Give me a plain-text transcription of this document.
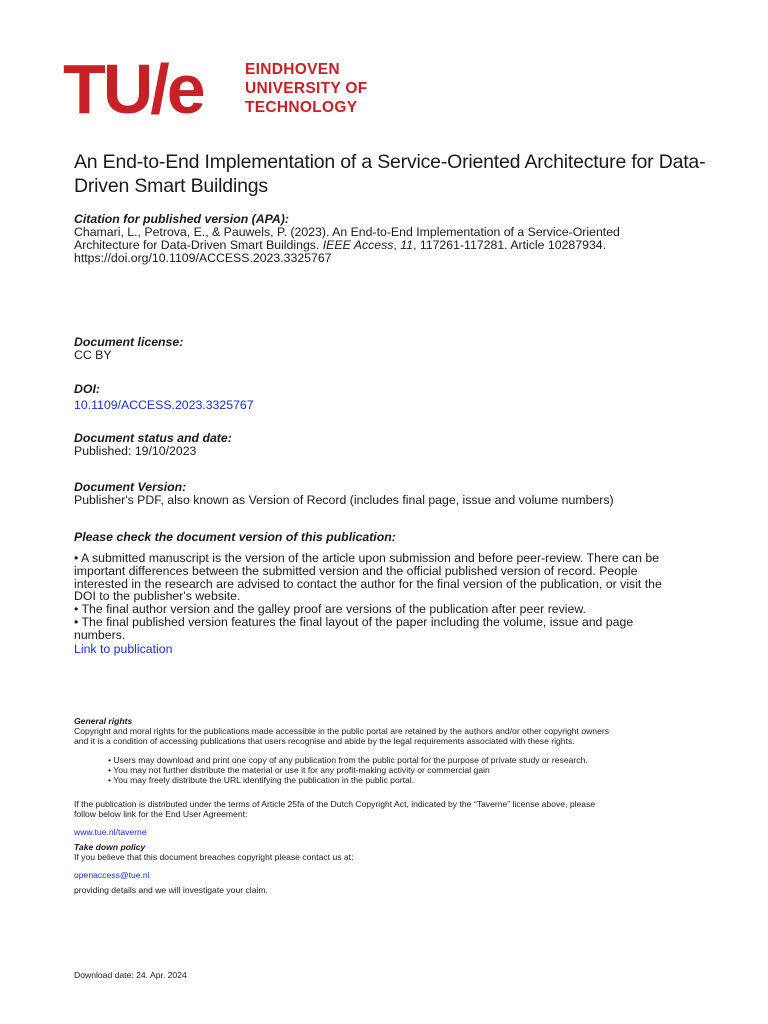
TU/e	EINDHOVEN
UNIVERSITY OF
TECHNOLOGY
An End-to-End Implementation of a Service-Oriented Architecture for Data-Driven Smart Buildings
Citation for published version (APA):
Chamari, L., Petrova, E., & Pauwels, P. (2023). An End-to-End Implementation of a Service-Oriented
Architecture for Data-Driven Smart Buildings. IEEE Access, 11, 117261-117281. Article 10287934.
https://doi.org/10.1109/ACCESS.2023.3325767
Document license:
CC BY
DOI:
10.1109/ACCESS.2023.3325767
Document status and date:
Published: 19/10/2023
Document Version:
Publisher's PDF, also known as Version of Record (includes final page, issue and volume numbers)
Please check the document version of this publication:
• A submitted manuscript is the version of the article upon submission and before peer-review. There can be
important differences between the submitted version and the official published version of record. People
interested in the research are advised to contact the author for the final version of the publication, or visit the
DOI to the publisher's website.
• The final author version and the galley proof are versions of the publication after peer review.
• The final published version features the final layout of the paper including the volume, issue and page
numbers.
Link to publication
General rights
Copyright and moral rights for the publications made accessible in the public portal are retained by the authors and/or other copyright owners
and it is a condition of accessing publications that users recognise and abide by the legal requirements associated with these rights.
• Users may download and print one copy of any publication from the public portal for the purpose of private study or research.
• You may not further distribute the material or use it for any profit-making activity or commercial gain
• You may freely distribute the URL identifying the publication in the public portal.
If the publication is distributed under the terms of Article 25fa of the Dutch Copyright Act, indicated by the “Taverne” license above, please
follow below link for the End User Agreement:
www.tue.nl/taverne
Take down policy
If you believe that this document breaches copyright please contact us at:
openaccess@tue.nl
providing details and we will investigate your claim.
Download date: 24. Apr. 2024
